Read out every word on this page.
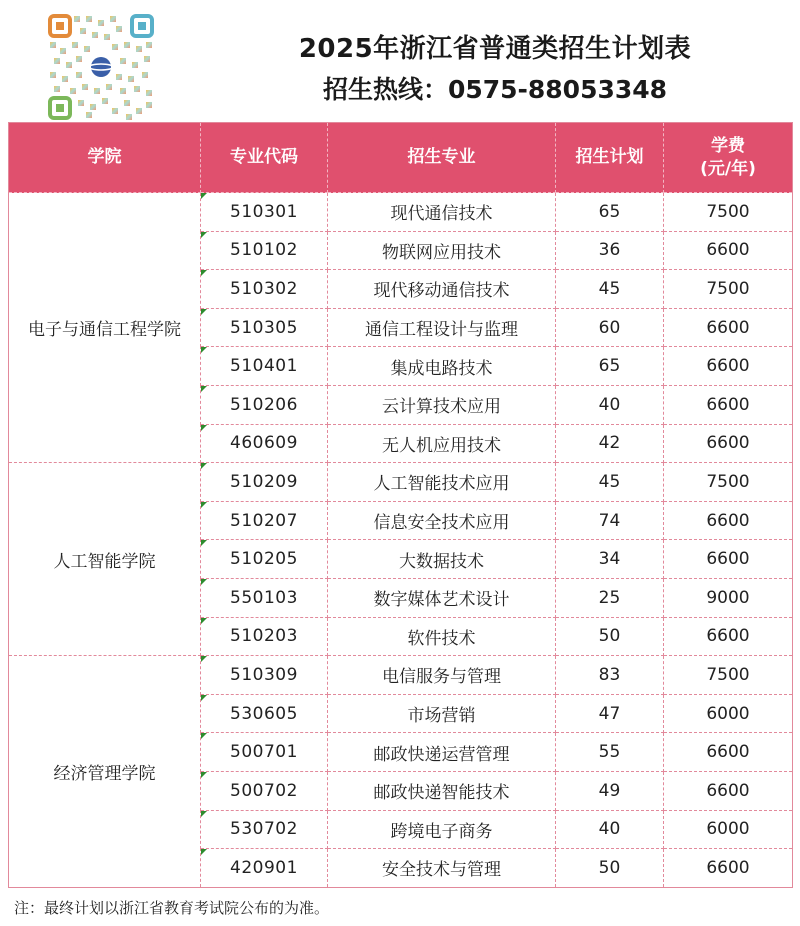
2025年浙江省普通类招生计划表
招生热线：0575-88053348
学院	专业代码	招生专业	招生计划	学费
(元/年)
电子与通信工程学院	510301	现代通信技术	65	7500

510102	物联网应用技术	36	6600

510302	现代移动通信技术	45	7500

510305	通信工程设计与监理	60	6600

510401	集成电路技术	65	6600

510206	云计算技术应用	40	6600

460609	无人机应用技术	42	6600
人工智能学院	510209	人工智能技术应用	45	7500

510207	信息安全技术应用	74	6600

510205	大数据技术	34	6600

550103	数字媒体艺术设计	25	9000

510203	软件技术	50	6600
经济管理学院	510309	电信服务与管理	83	7500

530605	市场营销	47	6000

500701	邮政快递运营管理	55	6600

500702	邮政快递智能技术	49	6600

530702	跨境电子商务	40	6000

420901	安全技术与管理	50	6600
注：最终计划以浙江省教育考试院公布的为准。
